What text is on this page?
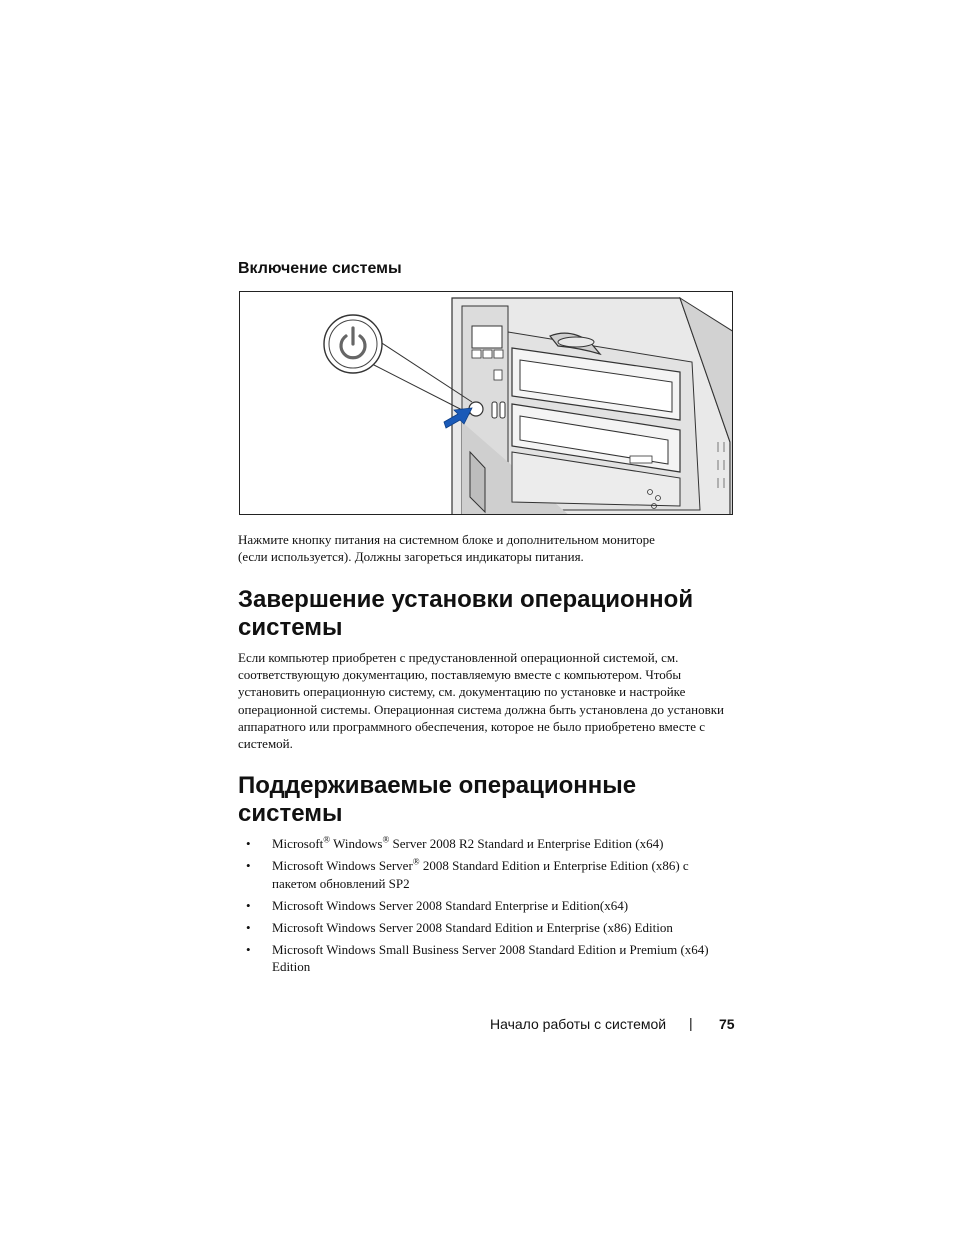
Включение системы

Нажмите кнопку питания на системном блоке и дополнительном мониторе
(если используется). Должны загореться индикаторы питания.

Завершение установки операционной
системы

Если компьютер приобретен с предустановленной операционной системой, см.
соответствующую документацию, поставляемую вместе с компьютером. Чтобы
установить операционную систему, см. документацию по установке и настройке
операционной системы. Операционная система должна быть установлена до установки
аппаратного или программного обеспечения, которое не было приобретено вместе с
системой.

Поддерживаемые операционные
системы
• Microsoft® Windows® Server 2008 R2 Standard и Enterprise Edition (x64)
• Microsoft Windows Server® 2008 Standard Edition и Enterprise Edition (x86) с
пакетом обновлений SP2
• Microsoft Windows Server 2008 Standard Enterprise и Edition(x64)
• Microsoft Windows Server 2008 Standard Edition и Enterprise (x86) Edition
• Microsoft Windows Small Business Server 2008 Standard Edition и Premium (x64)
Edition
Начало работы с системой | 75
